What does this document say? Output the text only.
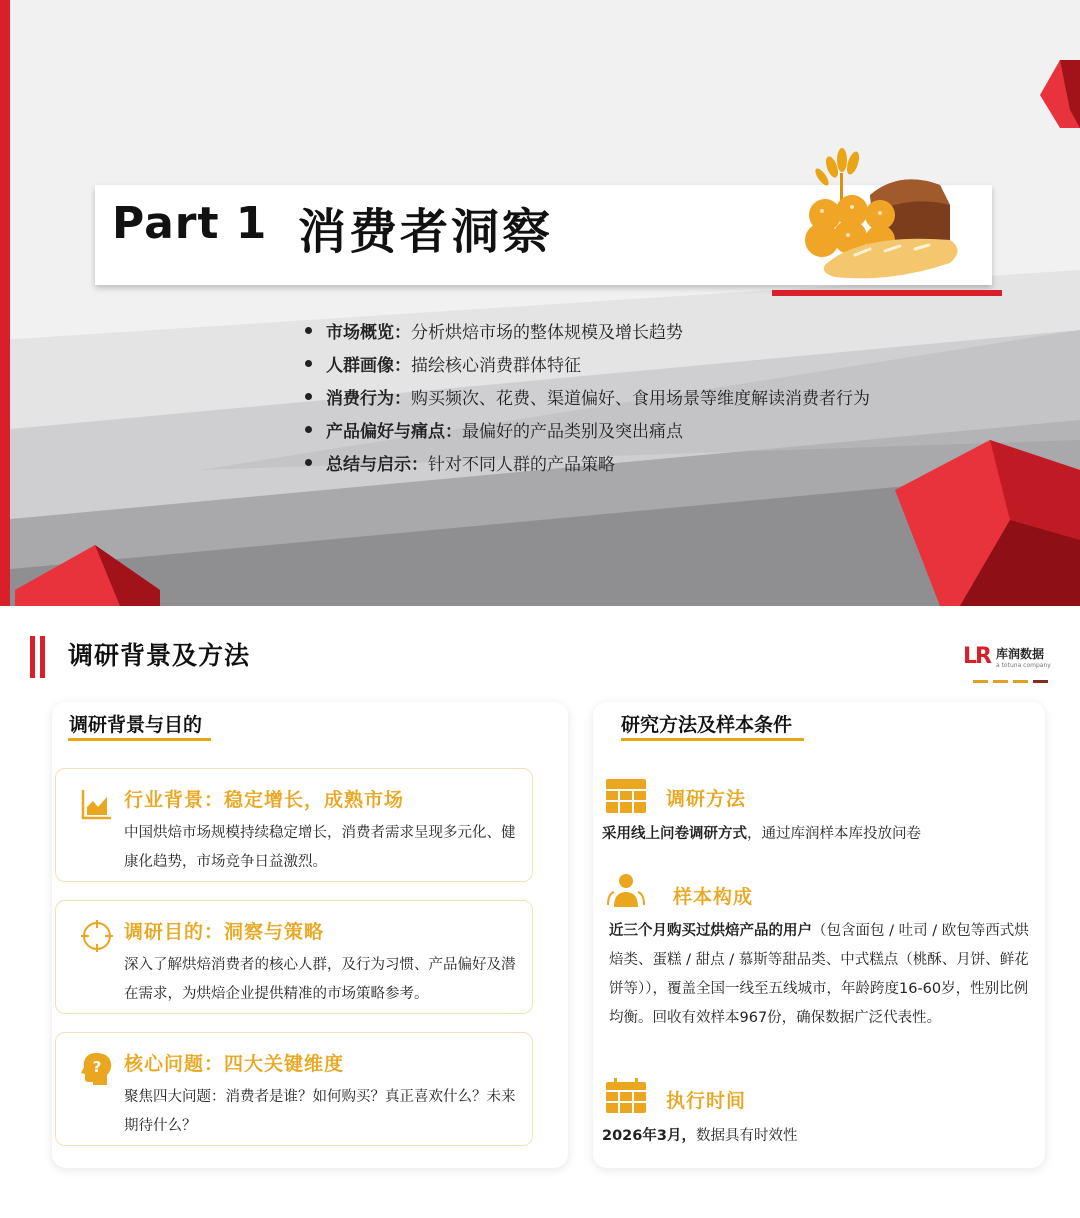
Part 1 消费者洞察
市场概览： 分析烘焙市场的整体规模及增长趋势
人群画像： 描绘核心消费群体特征
消费行为： 购买频次、花费、渠道偏好、食用场景等维度解读消费者行为
产品偏好与痛点： 最偏好的产品类别及突出痛点
总结与启示： 针对不同人群的产品策略
调研背景及方法	LR 库润数据
a totuna company
调研背景与目的
行业背景：稳定增长，成熟市场
中国烘焙市场规模持续稳定增长，消费者需求呈现多元化、健康化趋势，市场竞争日益激烈。
调研目的：洞察与策略
深入了解烘焙消费者的核心人群，及行为习惯、产品偏好及潜在需求，为烘焙企业提供精准的市场策略参考。
? 核心问题：四大关键维度
聚焦四大问题：消费者是谁？如何购买？真正喜欢什么？未来期待什么？
研究方法及样本条件
调研方法
采用线上问卷调研方式，通过库润样本库投放问卷
样本构成
近三个月购买过烘焙产品的用户（包含面包 / 吐司 / 欧包等西式烘焙类、蛋糕 / 甜点 / 慕斯等甜品类、中式糕点（桃酥、月饼、鲜花饼等）），覆盖全国一线至五线城市，年龄跨度16-60岁，性别比例均衡。回收有效样本967份，确保数据广泛代表性。
执行时间
2026年3月，数据具有时效性
